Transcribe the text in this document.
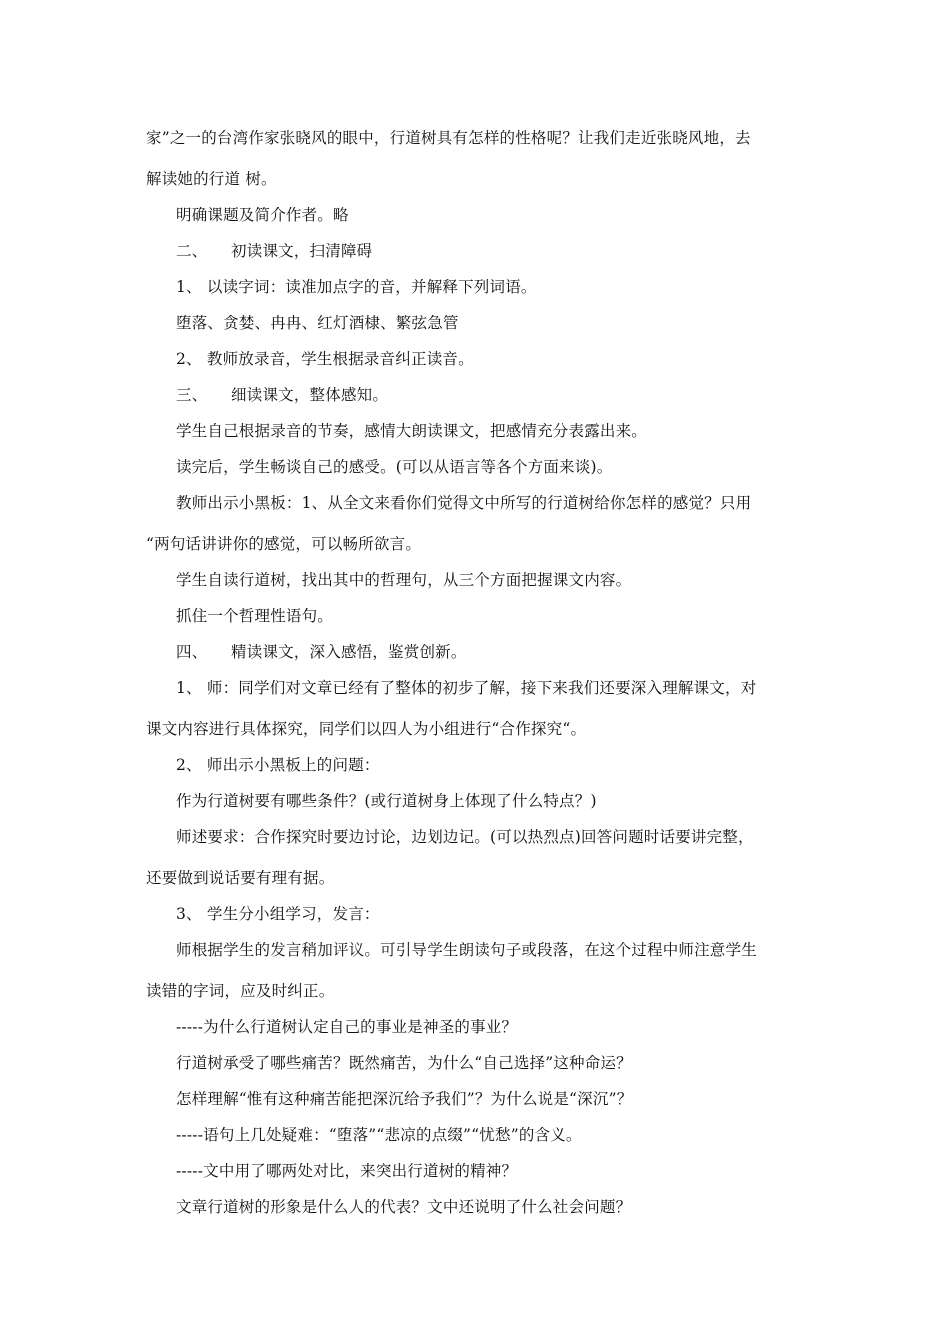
家”之一的台湾作家张晓风的眼中，行道树具有怎样的性格呢？让我们走近张晓风地，去
解读她的行道 树。
明确课题及简介作者。略
二、　　初读课文，扫清障碍
1、 以读字词：读准加点字的音，并解释下列词语。
堕落、贪婪、冉冉、红灯酒棣、繁弦急管
2、 教师放录音，学生根据录音纠正读音。
三、　　细读课文，整体感知。
学生自己根据录音的节奏，感情大朗读课文，把感情充分表露出来。
读完后，学生畅谈自己的感受。(可以从语言等各个方面来谈)。
教师出示小黑板：1、从全文来看你们觉得文中所写的行道树给你怎样的感觉？只用
“两句话讲讲你的感觉，可以畅所欲言。
学生自读行道树，找出其中的哲理句，从三个方面把握课文内容。
抓住一个哲理性语句。
四、　　精读课文，深入感悟，鉴赏创新。
1、 师：同学们对文章已经有了整体的初步了解，接下来我们还要深入理解课文，对
课文内容进行具体探究，同学们以四人为小组进行“合作探究“。
2、 师出示小黑板上的问题：
作为行道树要有哪些条件？(或行道树身上体现了什么特点？)
师述要求：合作探究时要边讨论，边划边记。(可以热烈点)回答问题时话要讲完整，
还要做到说话要有理有据。
3、 学生分小组学习，发言：
师根据学生的发言稍加评议。可引导学生朗读句子或段落，在这个过程中师注意学生
读错的字词，应及时纠正。
-----为什么行道树认定自己的事业是神圣的事业？
行道树承受了哪些痛苦？既然痛苦，为什么“自己选择”这种命运？
怎样理解“惟有这种痛苦能把深沉给予我们”？为什么说是“深沉”？
-----语句上几处疑难：“堕落”“悲凉的点缀”“忧愁”的含义。
-----文中用了哪两处对比，来突出行道树的精神？
文章行道树的形象是什么人的代表？文中还说明了什么社会问题？
